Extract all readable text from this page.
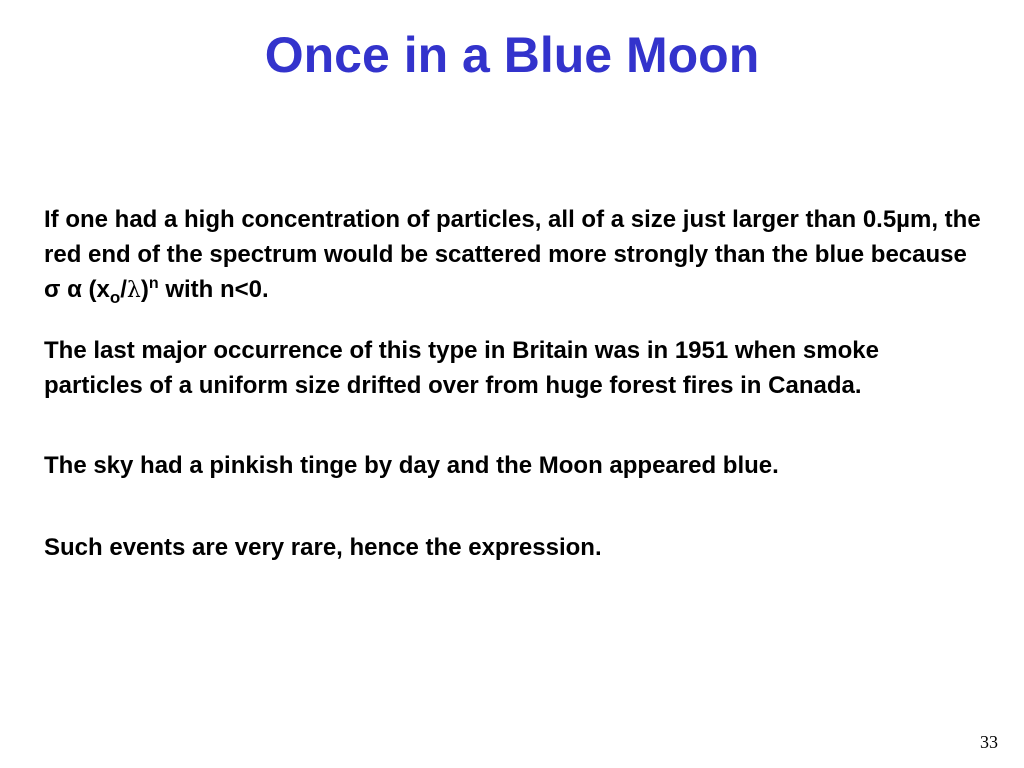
Once in a Blue Moon

If one had a high concentration of particles, all of a size just larger than 0.5µm, the red end of the spectrum would be scattered more strongly than the blue because σ α $(x_o/\lambda)^n$ with n<0.

The last major occurrence of this type in Britain was in 1951 when smoke particles of a uniform size drifted over from huge forest fires in Canada.

The sky had a pinkish tinge by day and the Moon appeared blue.

Such events are very rare, hence the expression.

33
